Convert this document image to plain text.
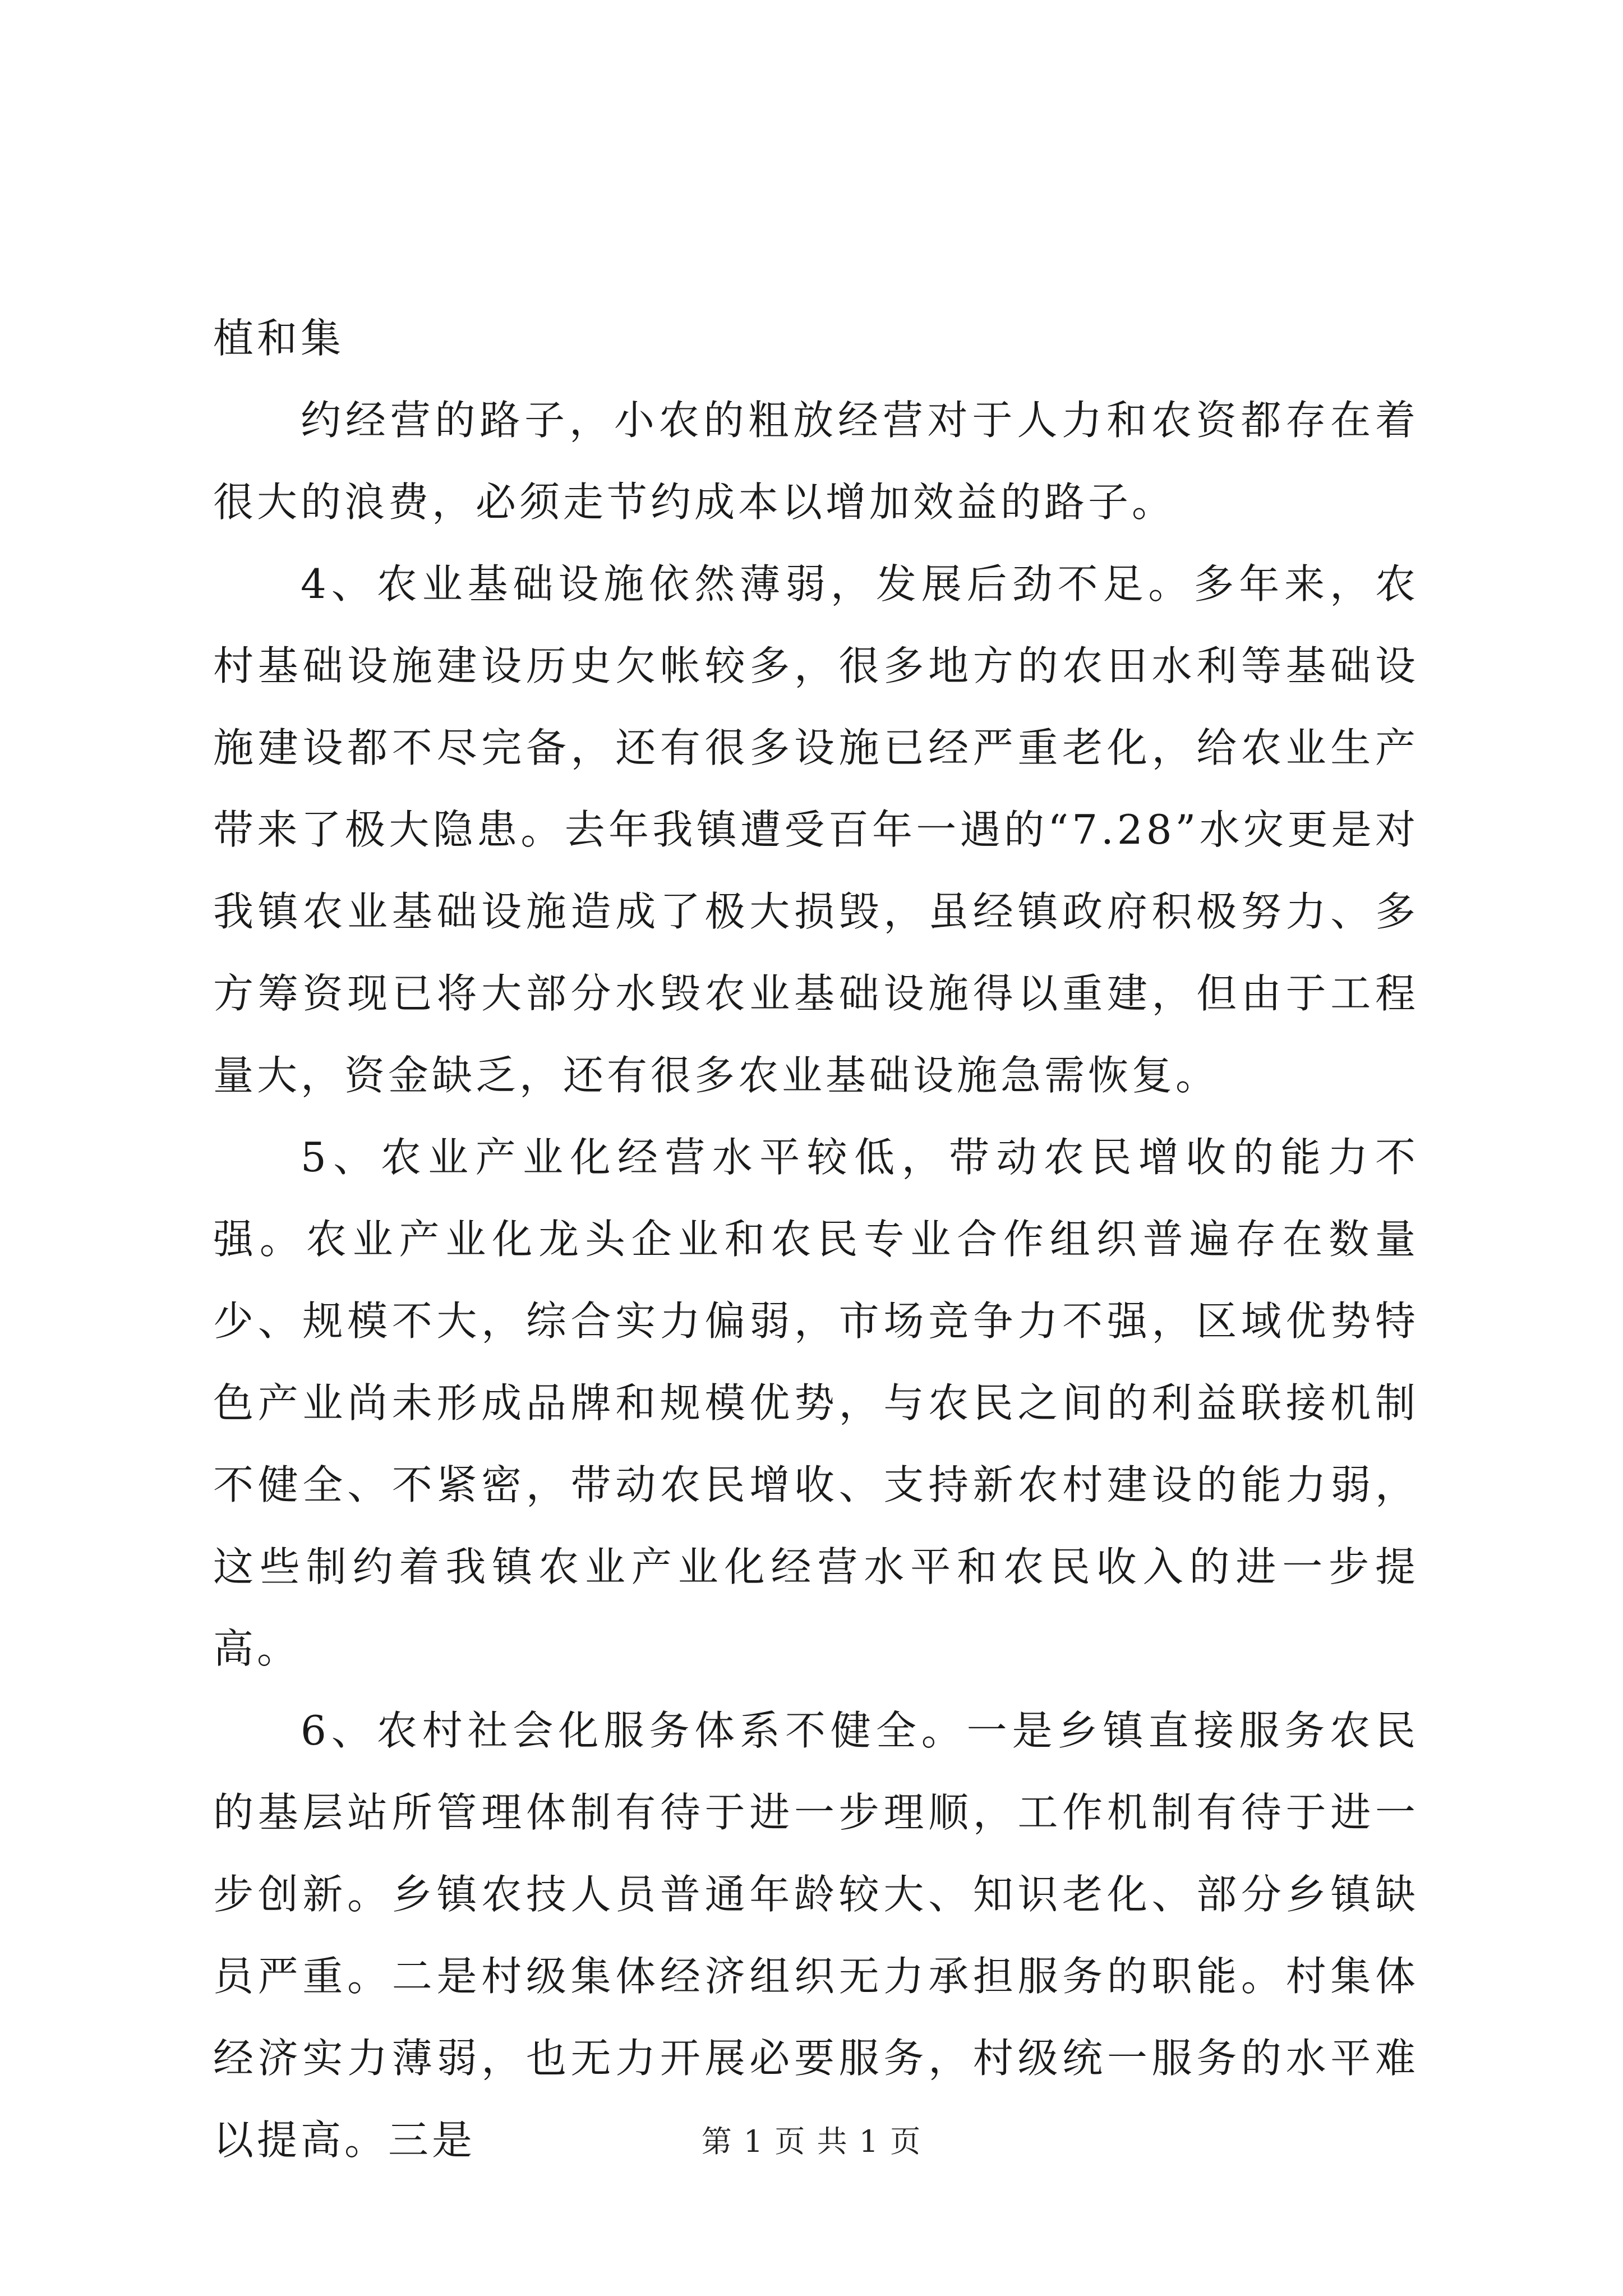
植和集

约经营的路子，小农的粗放经营对于人力和农资都存在着很大的浪费，必须走节约成本以增加效益的路子。

4、农业基础设施依然薄弱，发展后劲不足。多年来，农村基础设施建设历史欠帐较多，很多地方的农田水利等基础设施建设都不尽完备，还有很多设施已经严重老化，给农业生产带来了极大隐患。去年我镇遭受百年一遇的“7.28”水灾更是对我镇农业基础设施造成了极大损毁，虽经镇政府积极努力、多方筹资现已将大部分水毁农业基础设施得以重建，但由于工程量大，资金缺乏，还有很多农业基础设施急需恢复。

5、农业产业化经营水平较低，带动农民增收的能力不强。农业产业化龙头企业和农民专业合作组织普遍存在数量少、规模不大，综合实力偏弱，市场竞争力不强，区域优势特色产业尚未形成品牌和规模优势，与农民之间的利益联接机制不健全、不紧密，带动农民增收、支持新农村建设的能力弱，这些制约着我镇农业产业化经营水平和农民收入的进一步提高。

6、农村社会化服务体系不健全。一是乡镇直接服务农民的基层站所管理体制有待于进一步理顺，工作机制有待于进一步创新。乡镇农技人员普通年龄较大、知识老化、部分乡镇缺员严重。二是村级集体经济组织无力承担服务的职能。村集体经济实力薄弱，也无力开展必要服务，村级统一服务的水平难以提高。三是	第 1 页 共 1 页
